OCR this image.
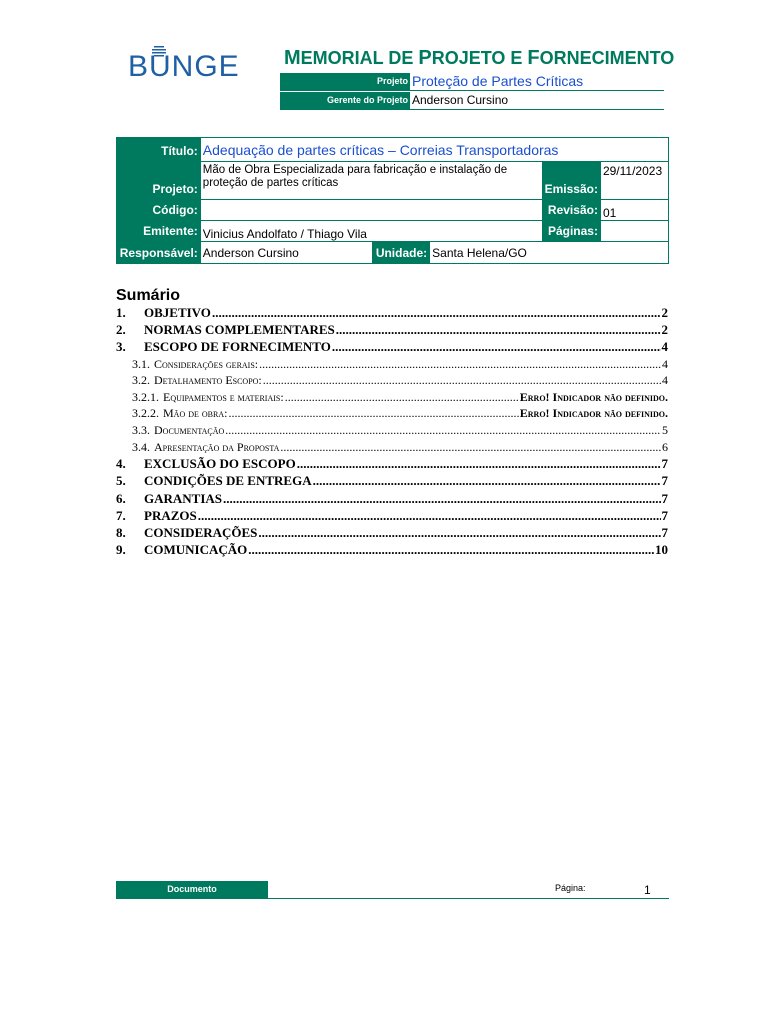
BUNGE MEMORIAL DE PROJETO E FORNECIMENTO
Projeto Proteção de Partes Críticas
Gerente do Projeto Anderson Cursino
Título:	Adequação de partes críticas – Correias Transportadoras				
Projeto:	Mão de Obra Especializada para fabricação e instalação de proteção de partes críticas			Emissão:	29/11/2023
Código:				Revisão:	01
Emitente:	Vinicius Andolfato / Thiago Vila			Páginas:	
Responsável:	Anderson Cursino	Unidade:	Santa Helena/GO		
Sumário
1.	OBJETIVO .....	2
2.	NORMAS COMPLEMENTARES .....	2
3.	ESCOPO DE FORNECIMENTO .....	4
3.1. Considerações gerais: .....	4
3.2. Detalhamento Escopo: .....	4
3.2.1. Equipamentos e materiais: .....	Erro! Indicador não definido.
3.2.2. Mão de obra: .....	Erro! Indicador não definido.
3.3. Documentação .....	5
3.4. Apresentação da Proposta .....	6
4.	EXCLUSÃO DO ESCOPO .....	7
5.	CONDIÇÕES DE ENTREGA .....	7
6.	GARANTIAS .....	7
7.	PRAZOS .....	7
8.	CONSIDERAÇÕES .....	7
9.	COMUNICAÇÃO .....	10
Documento	Página:	1
